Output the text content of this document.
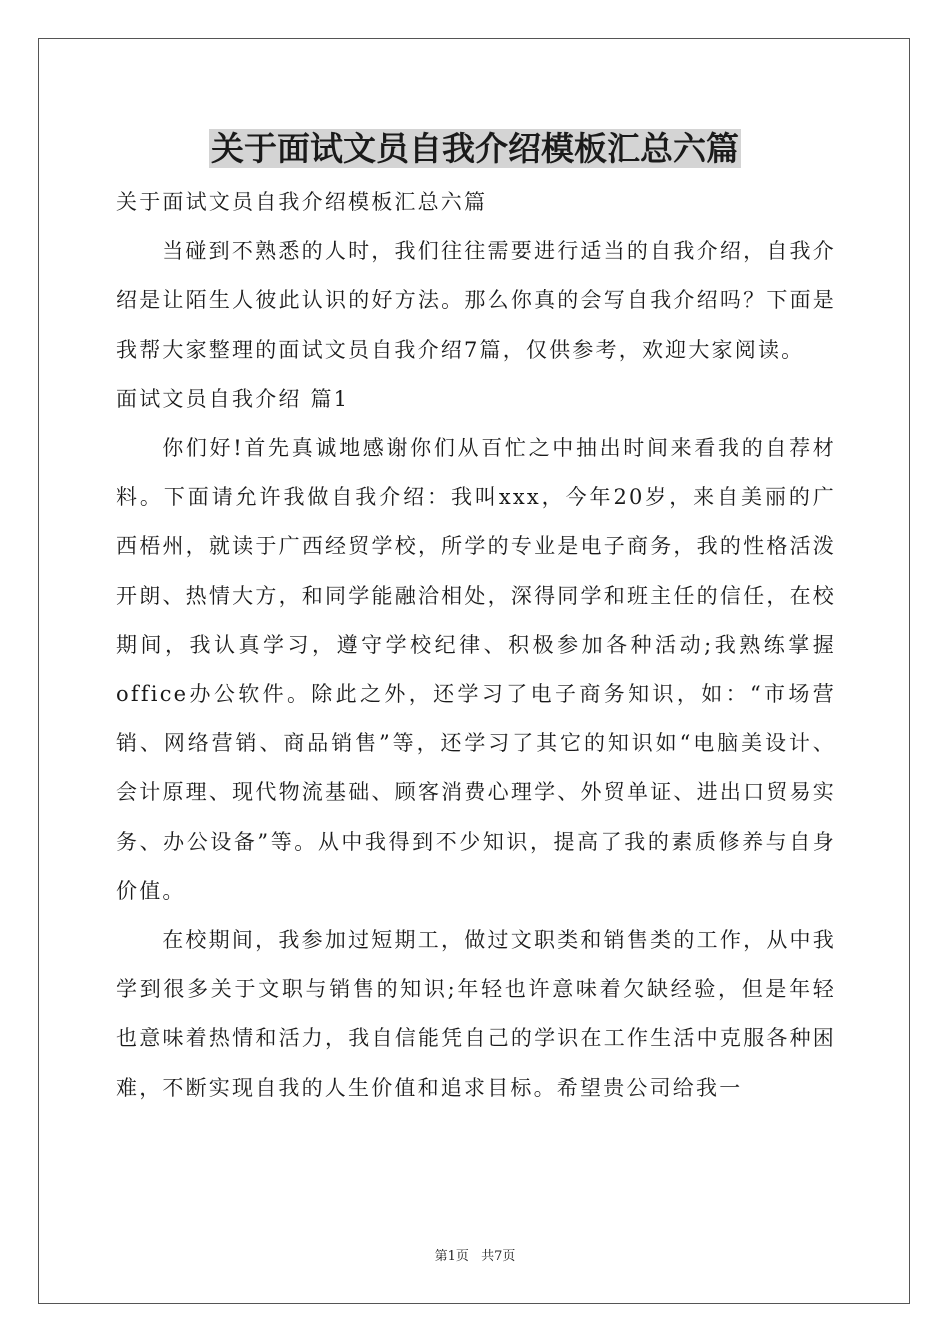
关于面试文员自我介绍模板汇总六篇

关于面试文员自我介绍模板汇总六篇

当碰到不熟悉的人时，我们往往需要进行适当的自我介绍，自我介绍是让陌生人彼此认识的好方法。那么你真的会写自我介绍吗？下面是我帮大家整理的面试文员自我介绍7篇，仅供参考，欢迎大家阅读。

面试文员自我介绍 篇1

你们好!首先真诚地感谢你们从百忙之中抽出时间来看我的自荐材料。下面请允许我做自我介绍：我叫xxx，今年20岁，来自美丽的广西梧州，就读于广西经贸学校，所学的专业是电子商务，我的性格活泼开朗、热情大方，和同学能融洽相处，深得同学和班主任的信任，在校期间，我认真学习，遵守学校纪律、积极参加各种活动;我熟练掌握office办公软件。除此之外，还学习了电子商务知识，如：“市场营销、网络营销、商品销售”等，还学习了其它的知识如“电脑美设计、会计原理、现代物流基础、顾客消费心理学、外贸单证、进出口贸易实务、办公设备”等。从中我得到不少知识，提高了我的素质修养与自身价值。

在校期间，我参加过短期工，做过文职类和销售类的工作，从中我学到很多关于文职与销售的知识;年轻也许意味着欠缺经验，但是年轻也意味着热情和活力，我自信能凭自己的学识在工作生活中克服各种困难，不断实现自我的人生价值和追求目标。希望贵公司给我一

第1页 共7页
